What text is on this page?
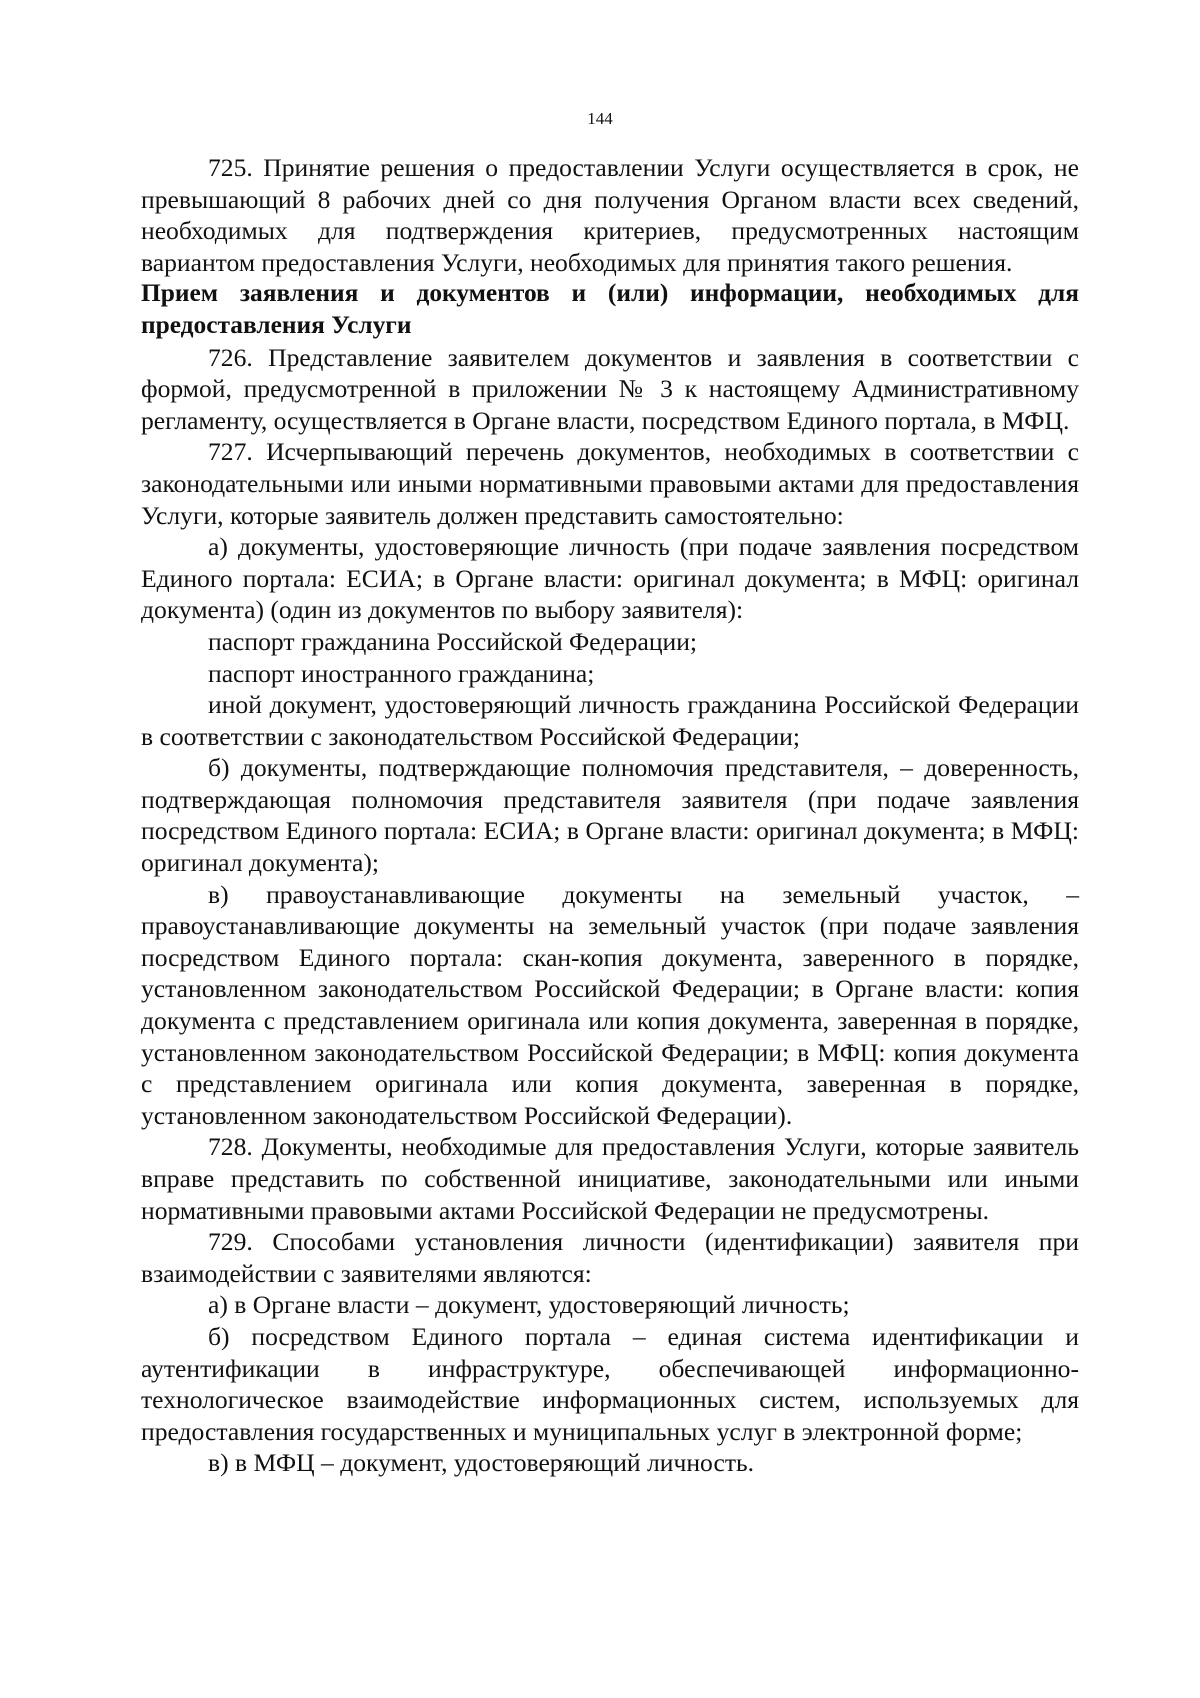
144

725. Принятие решения о предоставлении Услуги осуществляется в срок, не превышающий 8 рабочих дней со дня получения Органом власти всех сведений, необходимых для подтверждения критериев, предусмотренных настоящим вариантом предоставления Услуги, необходимых для принятия такого решения.

Прием заявления и документов и (или) информации, необходимых для предоставления Услуги

726. Представление заявителем документов и заявления в соответствии с формой, предусмотренной в приложении № 3 к настоящему Административному регламенту, осуществляется в Органе власти, посредством Единого портала, в МФЦ.

727. Исчерпывающий перечень документов, необходимых в соответствии с законодательными или иными нормативными правовыми актами для предоставления Услуги, которые заявитель должен представить самостоятельно:

а) документы, удостоверяющие личность (при подаче заявления посредством Единого портала: ЕСИА; в Органе власти: оригинал документа; в МФЦ: оригинал документа) (один из документов по выбору заявителя):

паспорт гражданина Российской Федерации;

паспорт иностранного гражданина;

иной документ, удостоверяющий личность гражданина Российской Федерации в соответствии с законодательством Российской Федерации;

б) документы, подтверждающие полномочия представителя, – доверенность, подтверждающая полномочия представителя заявителя (при подаче заявления посредством Единого портала: ЕСИА; в Органе власти: оригинал документа; в МФЦ: оригинал документа);

в) правоустанавливающие документы на земельный участок, – правоустанавливающие документы на земельный участок (при подаче заявления посредством Единого портала: скан-копия документа, заверенного в порядке, установленном законодательством Российской Федерации; в Органе власти: копия документа с представлением оригинала или копия документа, заверенная в порядке, установленном законодательством Российской Федерации; в МФЦ: копия документа с представлением оригинала или копия документа, заверенная в порядке, установленном законодательством Российской Федерации).

728. Документы, необходимые для предоставления Услуги, которые заявитель вправе представить по собственной инициативе, законодательными или иными нормативными правовыми актами Российской Федерации не предусмотрены.

729. Способами установления личности (идентификации) заявителя при взаимодействии с заявителями являются:

а) в Органе власти – документ, удостоверяющий личность;

б) посредством Единого портала – единая система идентификации и аутентификации в инфраструктуре, обеспечивающей информационно-технологическое взаимодействие информационных систем, используемых для предоставления государственных и муниципальных услуг в электронной форме;

в) в МФЦ – документ, удостоверяющий личность.
